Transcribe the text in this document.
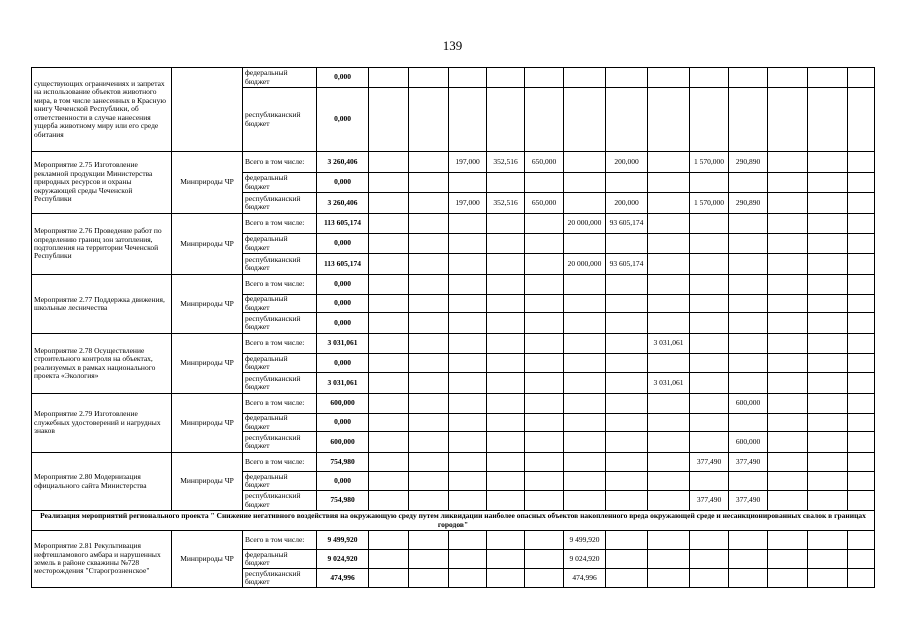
139
существующих ограничениях и запретах на использование объектов животного мира, в том числе занесенных в Красную книгу Чеченской Республики, об ответственности в случае нанесения ущерба животному миру или его среде обитания		федеральный бюджет	0,000													
		республиканский бюджет	0,000													
Мероприятие 2.75 Изготовление рекламной продукции Министерства природных ресурсов и охраны окружающей среды Чеченской Республики	Минприроды ЧР	Всего в том числе:	3 260,406			197,000	352,516	650,000		200,000		1 570,000	290,890			
		федеральный бюджет	0,000													
		республиканский бюджет	3 260,406			197,000	352,516	650,000		200,000		1 570,000	290,890			
Мероприятие 2.76 Проведение работ по определению границ зон затопления, подтопления на территории Чеченской Республики	Минприроды ЧР	Всего в том числе:	113 605,174						20 000,000	93 605,174						
		федеральный бюджет	0,000													
		республиканский бюджет	113 605,174						20 000,000	93 605,174						
Мероприятие 2.77 Поддержка движения, школьные лесничества	Минприроды ЧР	Всего в том числе:	0,000													
		федеральный бюджет	0,000													
		республиканский бюджет	0,000													
Мероприятие 2.78 Осуществление строительного контроля на объектах, реализуемых в рамках национального проекта «Экология»	Минприроды ЧР	Всего в том числе:	3 031,061								3 031,061					
		федеральный бюджет	0,000													
		республиканский бюджет	3 031,061								3 031,061					
Мероприятие 2.79 Изготовление служебных удостоверений и нагрудных знаков	Минприроды ЧР	Всего в том числе:	600,000										600,000			
		федеральный бюджет	0,000													
		республиканский бюджет	600,000										600,000			
Мероприятие 2.80 Модернизация официального сайта Министерства	Минприроды ЧР	Всего в том числе:	754,980									377,490	377,490			
		федеральный бюджет	0,000													
		республиканский бюджет	754,980									377,490	377,490			
Реализация мероприятий регионального проекта " Снижение негативного воздействия на окружающую среду путем ликвидации наиболее опасных объектов накопленного вреда окружающей среде и несанкционированных свалок в границах городов"																
Мероприятие 2.81 Рекультивация нефтешламового амбара и нарушенных земель в районе скважины №728 месторождения "Старогрозненское"	Минприроды ЧР	Всего в том числе:	9 499,920						9 499,920							
		федеральный бюджет	9 024,920						9 024,920							
		республиканский бюджет	474,996						474,996							
